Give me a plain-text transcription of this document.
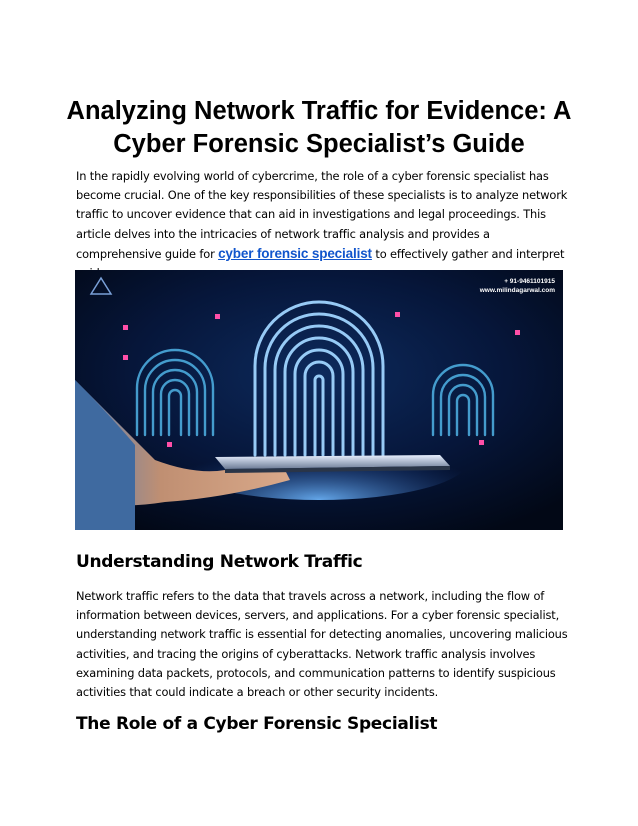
Analyzing Network Traffic for Evidence: A Cyber Forensic Specialist’s Guide

In the rapidly evolving world of cybercrime, the role of a cyber forensic specialist has become crucial. One of the key responsibilities of these specialists is to analyze network traffic to uncover evidence that can aid in investigations and legal proceedings. This article delves into the intricacies of network traffic analysis and provides a comprehensive guide for cyber forensic specialist to effectively gather and interpret

+ 91-9461101915
www.milindagarwal.com
Understanding Network Traffic

Network traffic refers to the data that travels across a network, including the flow of information between devices, servers, and applications. For a cyber forensic specialist, understanding network traffic is essential for detecting anomalies, uncovering malicious activities, and tracing the origins of cyberattacks. Network traffic analysis involves examining data packets, protocols, and communication patterns to identify suspicious activities that could indicate a breach or other security incidents.

The Role of a Cyber Forensic Specialist
